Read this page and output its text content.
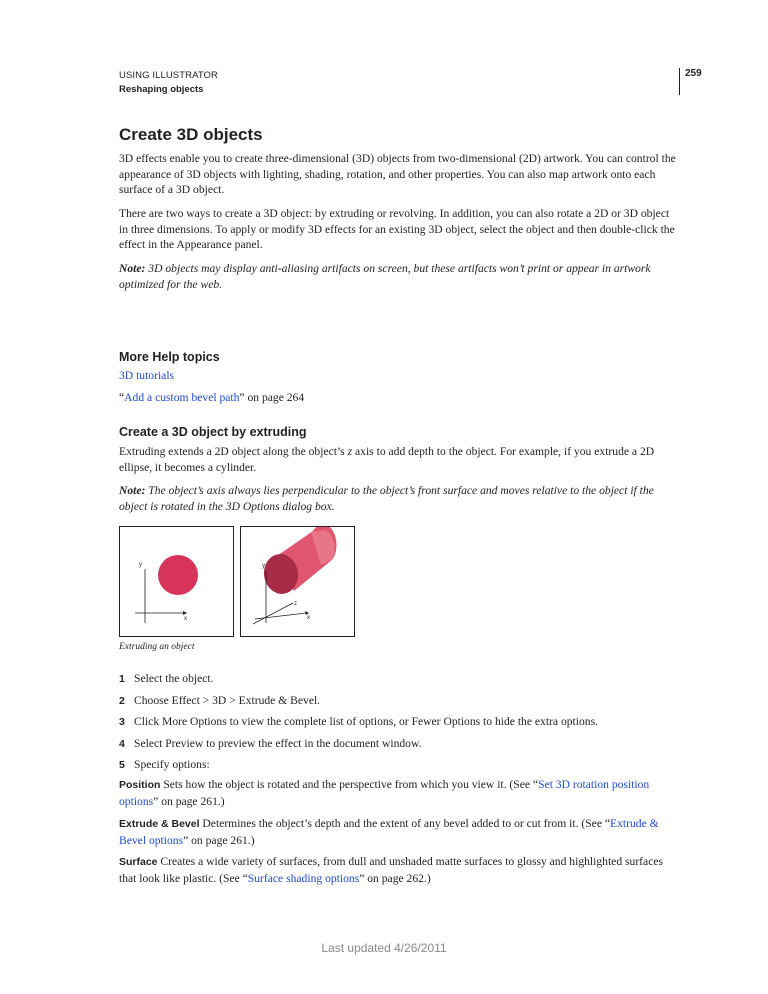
USING ILLUSTRATOR
Reshaping objects
259
Create 3D objects

3D effects enable you to create three-dimensional (3D) objects from two-dimensional (2D) artwork. You can control the appearance of 3D objects with lighting, shading, rotation, and other properties. You can also map artwork onto each surface of a 3D object.

There are two ways to create a 3D object: by extruding or revolving. In addition, you can also rotate a 2D or 3D object in three dimensions. To apply or modify 3D effects for an existing 3D object, select the object and then double-click the effect in the Appearance panel.

Note: 3D objects may display anti-aliasing artifacts on screen, but these artifacts won’t print or appear in artwork optimized for the web.

More Help topics

3D tutorials

“Add a custom bevel path” on page 264

Create a 3D object by extruding

Extruding extends a 2D object along the object’s z axis to add depth to the object. For example, if you extrude a 2D ellipse, it becomes a cylinder.

Note: The object’s axis always lies perpendicular to the object’s front surface and moves relative to the object if the object is rotated in the 3D Options dialog box.

y
x
y
z
x
Extruding an object
1 Select the object.
2 Choose Effect > 3D > Extrude & Bevel.
3 Click More Options to view the complete list of options, or Fewer Options to hide the extra options.
4 Select Preview to preview the effect in the document window.
5 Specify options:

Position Sets how the object is rotated and the perspective from which you view it. (See “Set 3D rotation position options” on page 261.)

Extrude & Bevel Determines the object’s depth and the extent of any bevel added to or cut from it. (See “Extrude & Bevel options” on page 261.)

Surface Creates a wide variety of surfaces, from dull and unshaded matte surfaces to glossy and highlighted surfaces that look like plastic. (See “Surface shading options” on page 262.)

Last updated 4/26/2011
